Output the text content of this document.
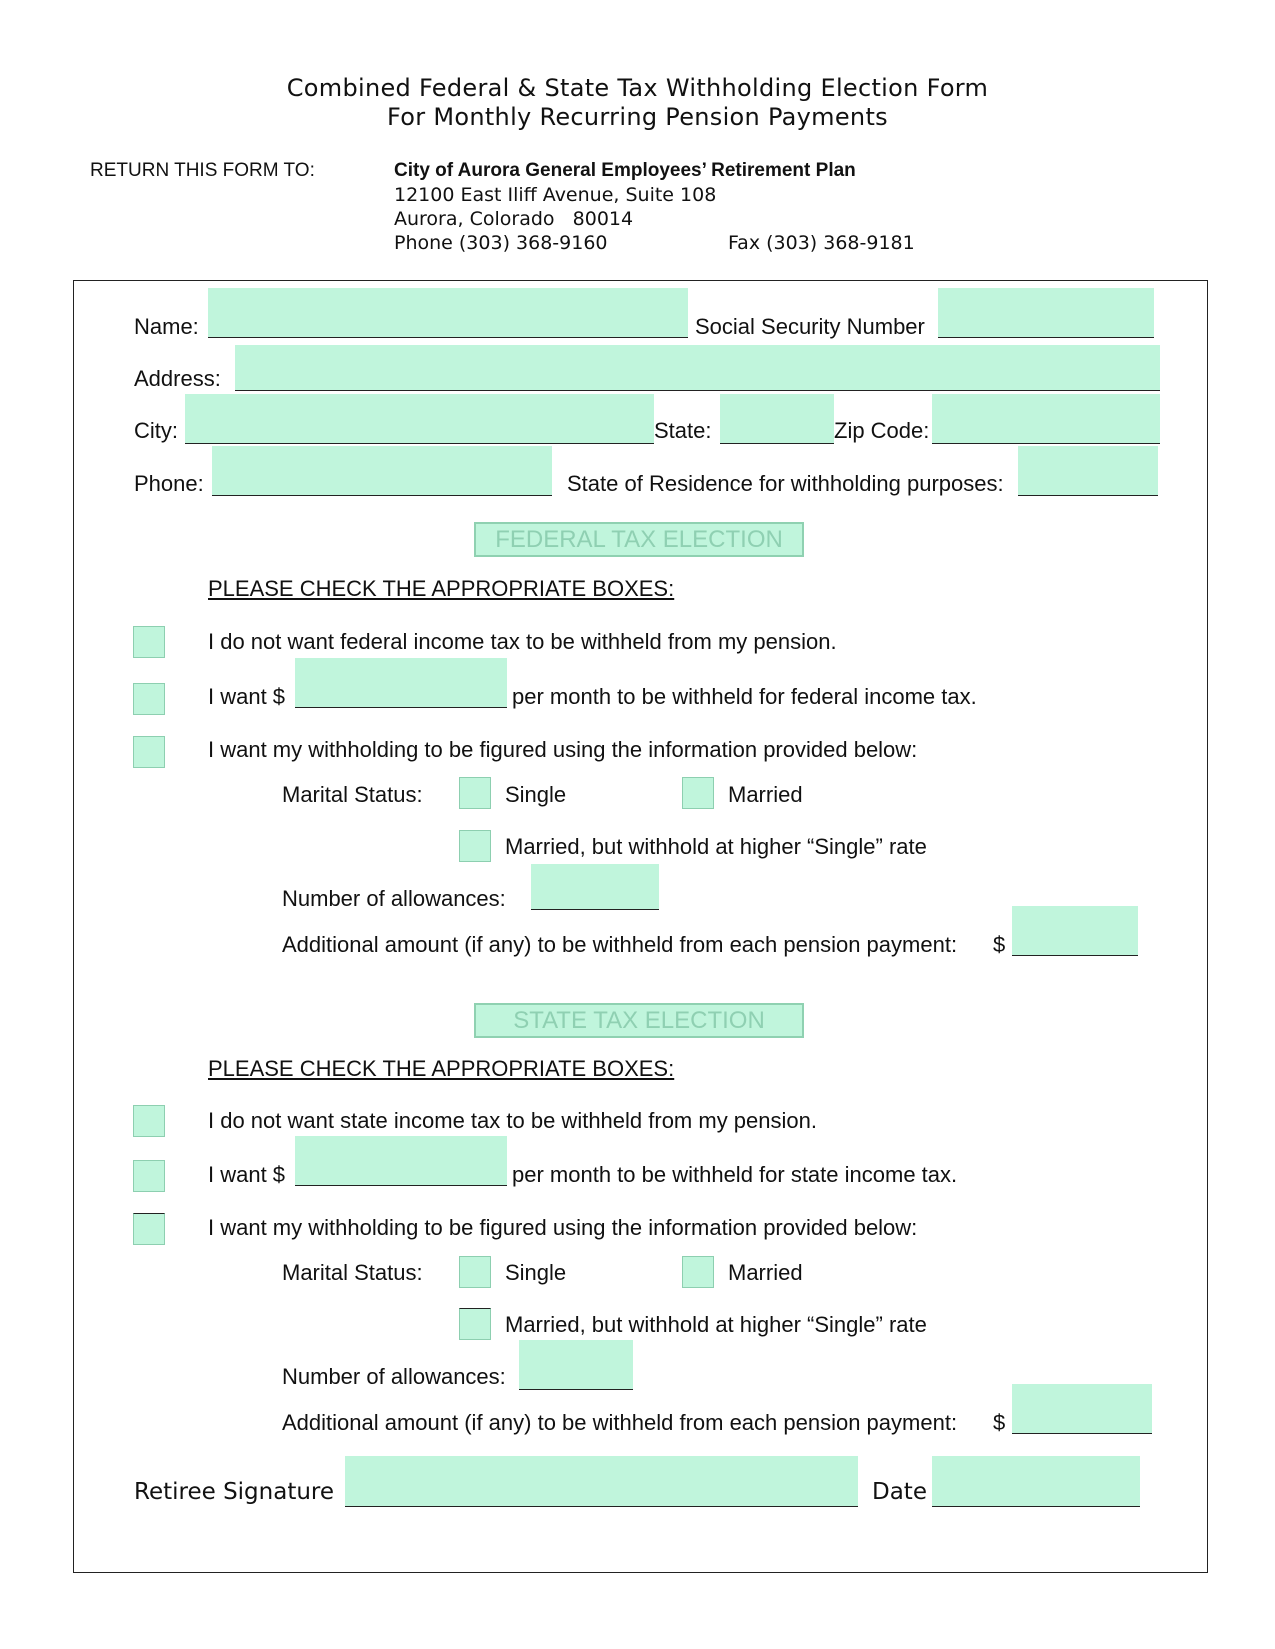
Combined Federal & State Tax Withholding Election Form
For Monthly Recurring Pension Payments
RETURN THIS FORM TO:	City of Aurora General Employees’ Retirement Plan
12100 East Iliff Avenue, Suite 108
Aurora, Colorado   80014
Phone (303) 368-9160	Fax (303) 368-9181
Name:	Social Security Number
Address:
City:	State:	Zip Code:
Phone:	State of Residence for withholding purposes:
FEDERAL TAX ELECTION
PLEASE CHECK THE APPROPRIATE BOXES:
I do not want federal income tax to be withheld from my pension.
I want $	per month to be withheld for federal income tax.
I want my withholding to be figured using the information provided below:
Marital Status:	Single	Married
Married, but withhold at higher “Single” rate
Number of allowances:
Additional amount (if any) to be withheld from each pension payment: $
STATE TAX ELECTION
PLEASE CHECK THE APPROPRIATE BOXES:
I do not want state income tax to be withheld from my pension.
I want $	per month to be withheld for state income tax.
I want my withholding to be figured using the information provided below:
Marital Status:	Single	Married
Married, but withhold at higher “Single” rate
Number of allowances:
Additional amount (if any) to be withheld from each pension payment: $
Retiree Signature	Date
